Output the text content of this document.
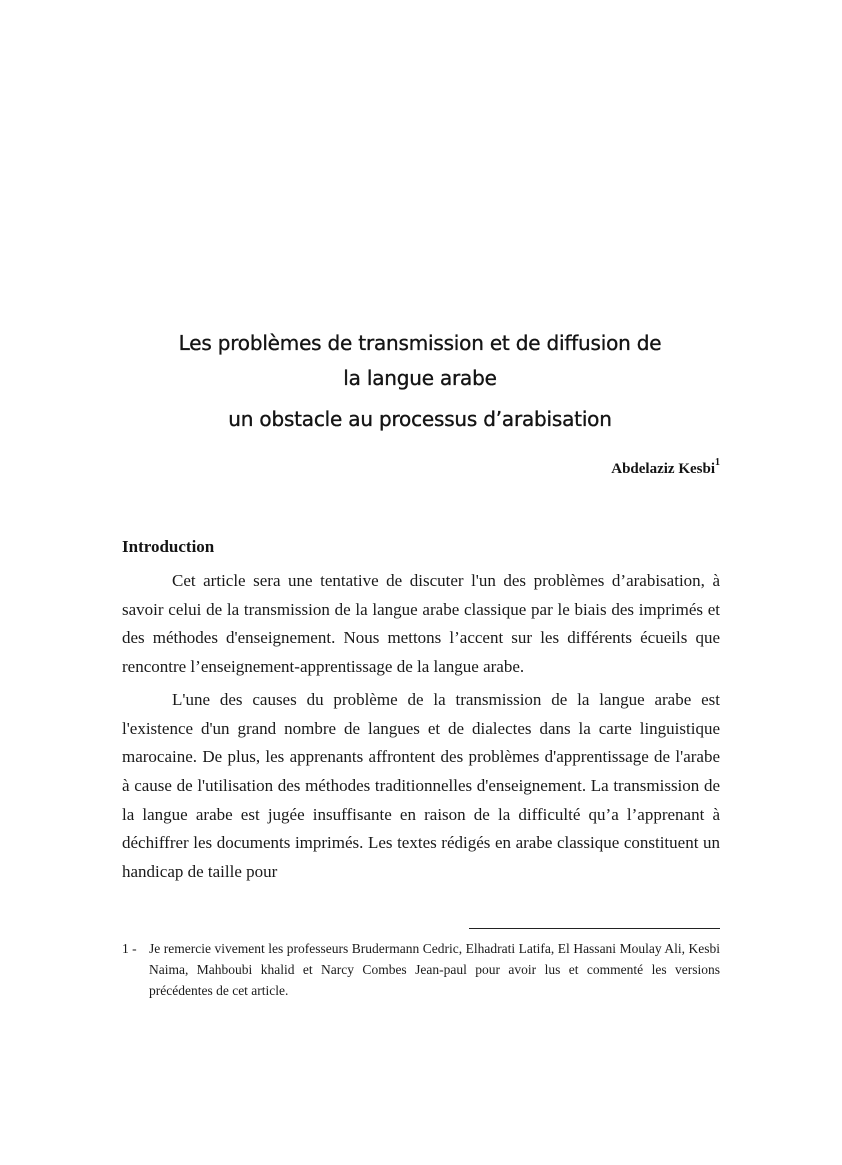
Les problèmes de transmission et de diffusion de
la langue arabe
un obstacle au processus d’arabisation
Abdelaziz Kesbi$^1$
Introduction

Cet article sera une tentative de discuter l'un des problèmes d’arabisation, à savoir celui de la transmission de la langue arabe classique par le biais des imprimés et des méthodes d'enseignement. Nous mettons l’accent sur les différents écueils que rencontre l’enseignement-apprentissage de la langue arabe.

L'une des causes du problème de la transmission de la langue arabe est l'existence d'un grand nombre de langues et de dialectes dans la carte linguistique marocaine. De plus, les apprenants affrontent des problèmes d'apprentissage de l'arabe à cause de l'utilisation des méthodes traditionnelles d'enseignement. La transmission de la langue arabe est jugée insuffisante en raison de la difficulté qu’a l’apprenant à déchiffrer les documents imprimés. Les textes rédigés en arabe classique constituent un handicap de taille pour

1 - Je remercie vivement les professeurs Brudermann Cedric, Elhadrati Latifa, El Hassani Moulay Ali, Kesbi Naima, Mahboubi khalid et Narcy Combes Jean-paul pour avoir lus et commenté les versions précédentes de cet article.
